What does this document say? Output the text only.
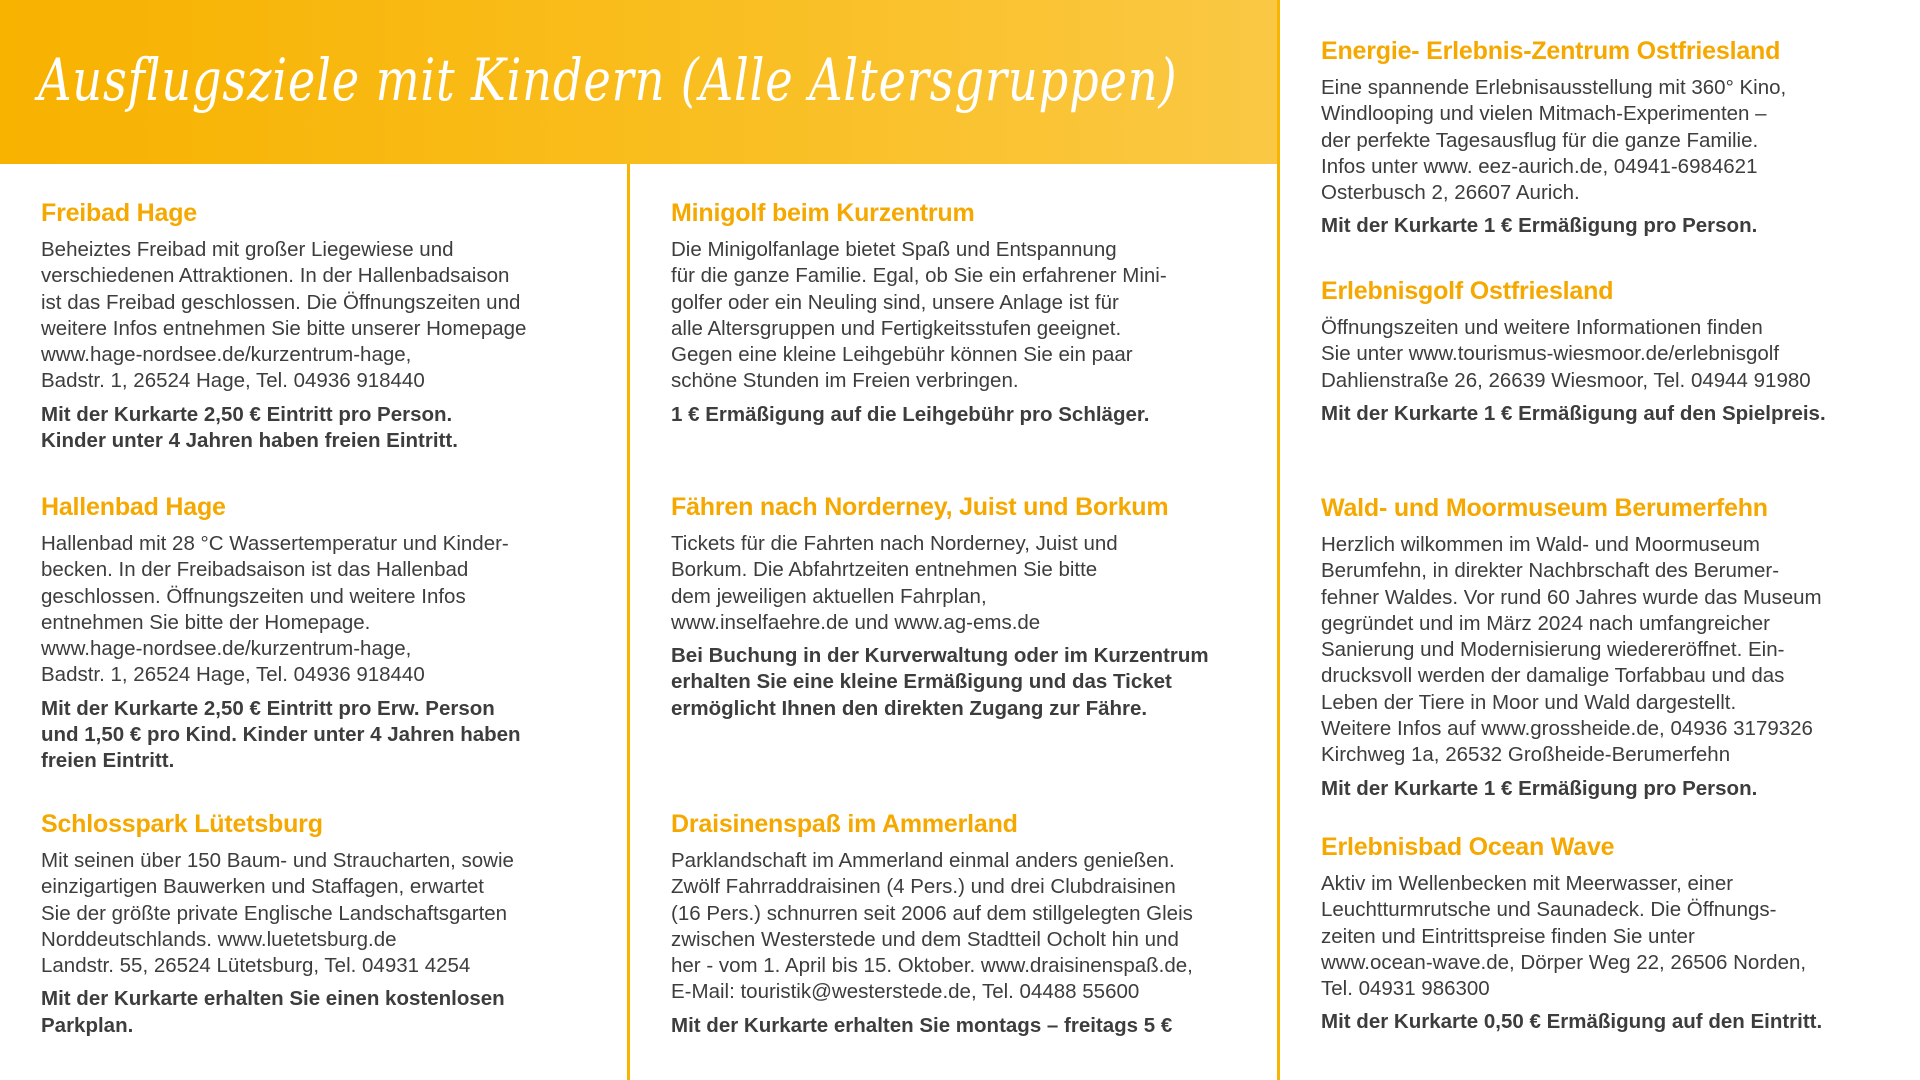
Ausflugsziele mit Kindern (Alle Altersgruppen)
Freibad Hage

Beheiztes Freibad mit großer Liegewiese und
verschiedenen Attraktionen. In der Hallenbadsaison
ist das Freibad geschlossen. Die Öffnungszeiten und
weitere Infos entnehmen Sie bitte unserer Homepage
www.hage-nordsee.de/kurzentrum-hage,
Badstr. 1, 26524 Hage, Tel. 04936 918440

Mit der Kurkarte 2,50 € Eintritt pro Person.
Kinder unter 4 Jahren haben freien Eintritt.
Hallenbad Hage

Hallenbad mit 28 °C Wassertemperatur und Kinder-
becken. In der Freibadsaison ist das Hallenbad
geschlossen. Öffnungszeiten und weitere Infos
entnehmen Sie bitte der Homepage.
www.hage-nordsee.de/kurzentrum-hage,
Badstr. 1, 26524 Hage, Tel. 04936 918440

Mit der Kurkarte 2,50 € Eintritt pro Erw. Person
und 1,50 € pro Kind. Kinder unter 4 Jahren haben
freien Eintritt.
Schlosspark Lütetsburg

Mit seinen über 150 Baum- und Straucharten, sowie
einzigartigen Bauwerken und Staffagen, erwartet
Sie der größte private Englische Landschaftsgarten
Norddeutschlands. www.luetetsburg.de
Landstr. 55, 26524 Lütetsburg, Tel. 04931 4254

Mit der Kurkarte erhalten Sie einen kostenlosen
Parkplan.
Minigolf beim Kurzentrum

Die Minigolfanlage bietet Spaß und Entspannung
für die ganze Familie. Egal, ob Sie ein erfahrener Mini-
golfer oder ein Neuling sind, unsere Anlage ist für
alle Altersgruppen und Fertigkeitsstufen geeignet.
Gegen eine kleine Leihgebühr können Sie ein paar
schöne Stunden im Freien verbringen.

1 € Ermäßigung auf die Leihgebühr pro Schläger.
Fähren nach Norderney, Juist und Borkum

Tickets für die Fahrten nach Norderney, Juist und
Borkum. Die Abfahrtzeiten entnehmen Sie bitte
dem jeweiligen aktuellen Fahrplan,
www.inselfaehre.de und www.ag-ems.de

Bei Buchung in der Kurverwaltung oder im Kurzentrum
erhalten Sie eine kleine Ermäßigung und das Ticket
ermöglicht Ihnen den direkten Zugang zur Fähre.
Draisinenspaß im Ammerland

Parklandschaft im Ammerland einmal anders genießen.
Zwölf Fahrraddraisinen (4 Pers.) und drei Clubdraisinen
(16 Pers.) schnurren seit 2006 auf dem stillgelegten Gleis
zwischen Westerstede und dem Stadtteil Ocholt hin und
her - vom 1. April bis 15. Oktober. www.draisinenspaß.de,
E-Mail: touristik@westerstede.de, Tel. 04488 55600

Mit der Kurkarte erhalten Sie montags – freitags 5 €
Energie- Erlebnis-Zentrum Ostfriesland

Eine spannende Erlebnisausstellung mit 360° Kino,
Windlooping und vielen Mitmach-Experimenten –
der perfekte Tagesausflug für die ganze Familie.
Infos unter www. eez-aurich.de, 04941-6984621
Osterbusch 2, 26607 Aurich.

Mit der Kurkarte 1 € Ermäßigung pro Person.
Erlebnisgolf Ostfriesland

Öffnungszeiten und weitere Informationen finden
Sie unter www.tourismus-wiesmoor.de/erlebnisgolf
Dahlienstraße 26, 26639 Wiesmoor, Tel. 04944 91980

Mit der Kurkarte 1 € Ermäßigung auf den Spielpreis.
Wald- und Moormuseum Berumerfehn

Herzlich wilkommen im Wald- und Moormuseum
Berumfehn, in direkter Nachbrschaft des Berumer-
fehner Waldes. Vor rund 60 Jahres wurde das Museum
gegründet und im März 2024 nach umfangreicher
Sanierung und Modernisierung wiedereröffnet. Ein-
drucksvoll werden der damalige Torfabbau und das
Leben der Tiere in Moor und Wald dargestellt.
Weitere Infos auf www.grossheide.de, 04936 3179326
Kirchweg 1a, 26532 Großheide-Berumerfehn

Mit der Kurkarte 1 € Ermäßigung pro Person.
Erlebnisbad Ocean Wave

Aktiv im Wellenbecken mit Meerwasser, einer
Leuchtturmrutsche und Saunadeck. Die Öffnungs-
zeiten und Eintrittspreise finden Sie unter
www.ocean-wave.de, Dörper Weg 22, 26506 Norden,
Tel. 04931 986300

Mit der Kurkarte 0,50 € Ermäßigung auf den Eintritt.
